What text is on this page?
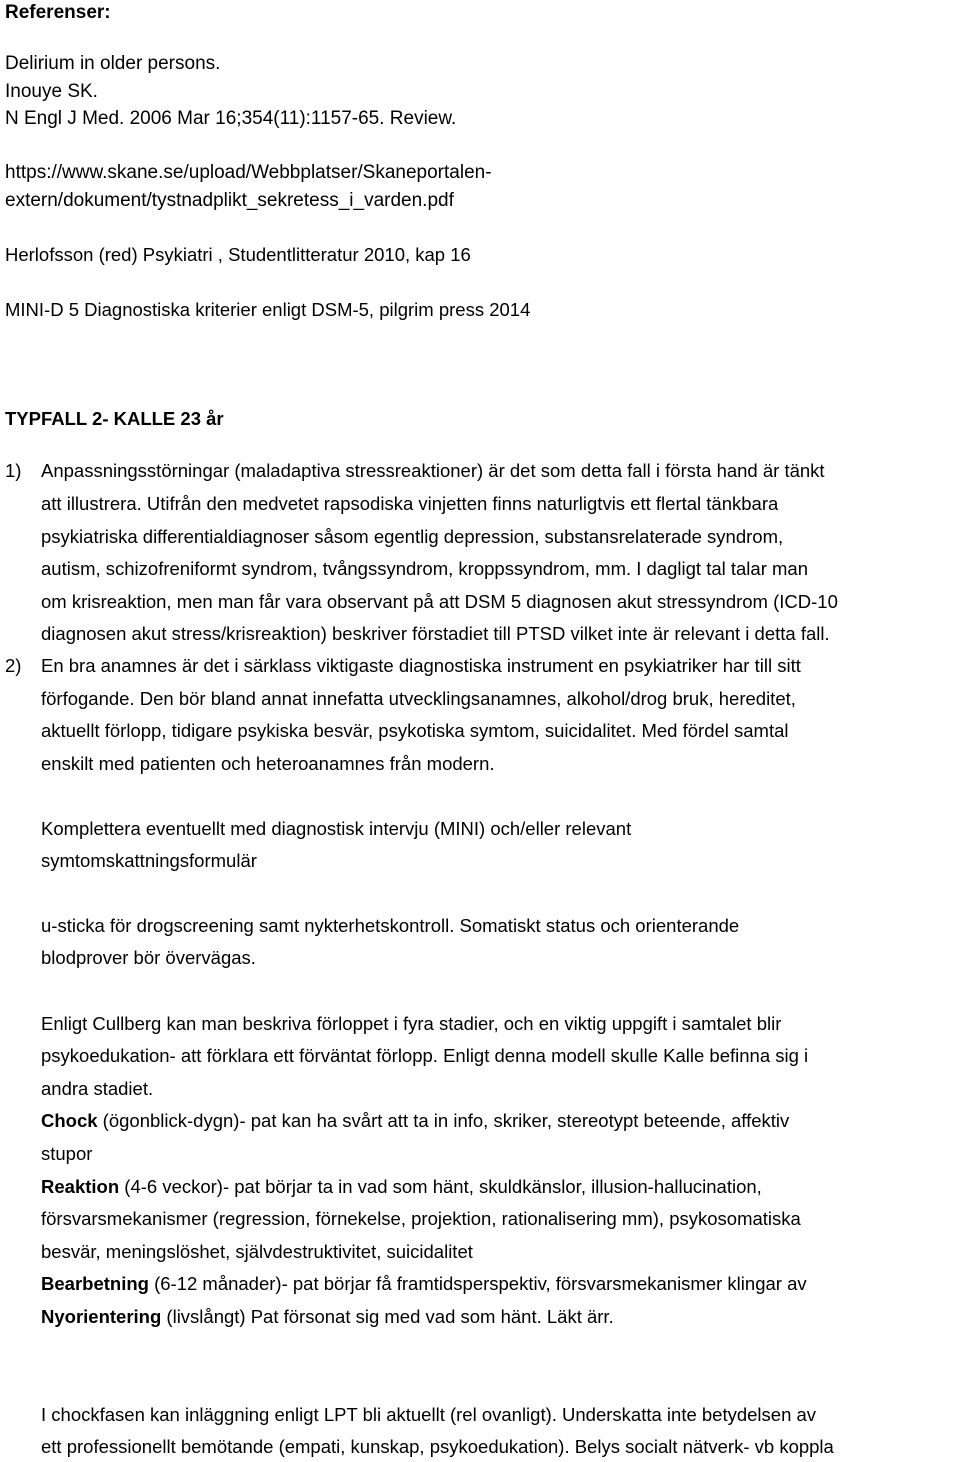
Referenser:
Delirium in older persons.
Inouye SK.
N Engl J Med. 2006 Mar 16;354(11):1157-65. Review.
https://www.skane.se/upload/Webbplatser/Skaneportalen-
extern/dokument/tystnadplikt_sekretess_i_varden.pdf
Herlofsson (red) Psykiatri , Studentlitteratur 2010, kap 16
MINI-D 5 Diagnostiska kriterier enligt DSM-5, pilgrim press 2014
TYPFALL 2- KALLE 23 år
1) Anpassningsstörningar (maladaptiva stressreaktioner) är det som detta fall i första hand är tänkt
att illustrera. Utifrån den medvetet rapsodiska vinjetten finns naturligtvis ett flertal tänkbara
psykiatriska differentialdiagnoser såsom egentlig depression, substansrelaterade syndrom,
autism, schizofreniformt syndrom, tvångssyndrom, kroppssyndrom, mm. I dagligt tal talar man
om krisreaktion, men man får vara observant på att DSM 5 diagnosen akut stressyndrom (ICD-10
diagnosen akut stress/krisreaktion) beskriver förstadiet till PTSD vilket inte är relevant i detta fall.
2) En bra anamnes är det i särklass viktigaste diagnostiska instrument en psykiatriker har till sitt
förfogande. Den bör bland annat innefatta utvecklingsanamnes, alkohol/drog bruk, hereditet,
aktuellt förlopp, tidigare psykiska besvär, psykotiska symtom, suicidalitet. Med fördel samtal
enskilt med patienten och heteroanamnes från modern.
Komplettera eventuellt med diagnostisk intervju (MINI) och/eller relevant
symtomskattningsformulär
u-sticka för drogscreening samt nykterhetskontroll. Somatiskt status och orienterande
blodprover bör övervägas.
Enligt Cullberg kan man beskriva förloppet i fyra stadier, och en viktig uppgift i samtalet blir
psykoedukation- att förklara ett förväntat förlopp. Enligt denna modell skulle Kalle befinna sig i
andra stadiet.
Chock (ögonblick-dygn)- pat kan ha svårt att ta in info, skriker, stereotypt beteende, affektiv
stupor
Reaktion (4-6 veckor)- pat börjar ta in vad som hänt, skuldkänslor, illusion-hallucination,
försvarsmekanismer (regression, förnekelse, projektion, rationalisering mm), psykosomatiska
besvär, meningslöshet, självdestruktivitet, suicidalitet
Bearbetning (6-12 månader)- pat börjar få framtidsperspektiv, försvarsmekanismer klingar av
Nyorientering (livslångt) Pat försonat sig med vad som hänt. Läkt ärr.
I chockfasen kan inläggning enligt LPT bli aktuellt (rel ovanligt). Underskatta inte betydelsen av
ett professionellt bemötande (empati, kunskap, psykoedukation). Belys socialt nätverk- vb koppla
